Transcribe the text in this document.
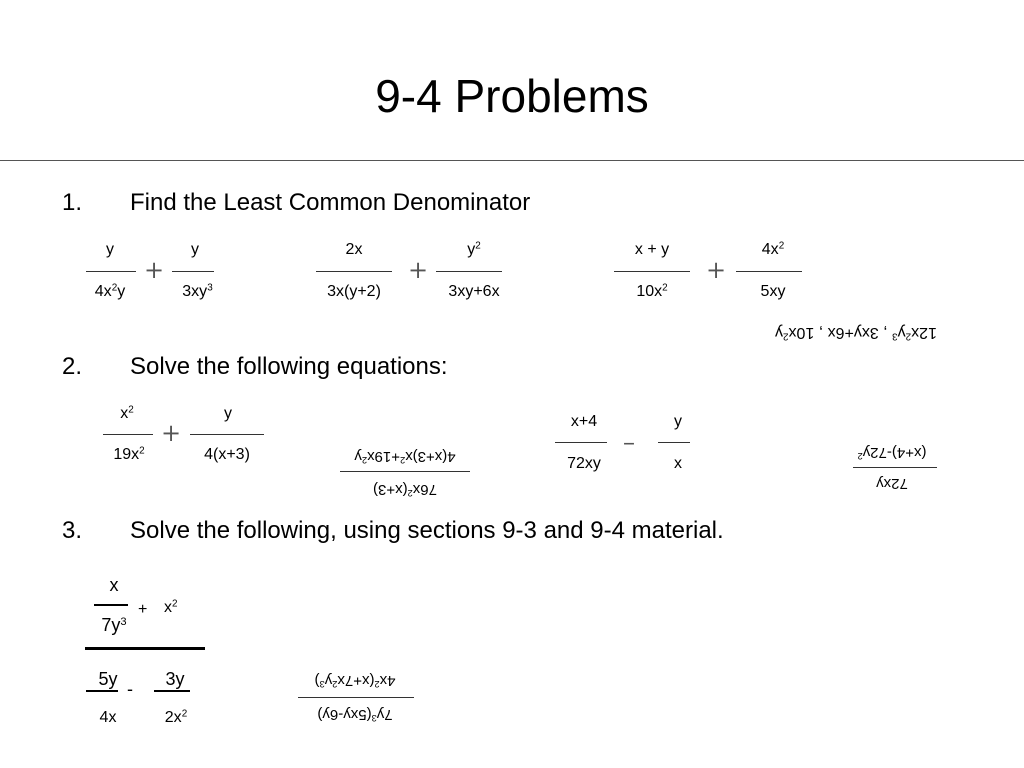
9-4 Problems
1. Find the Least Common Denominator
2. Solve the following equations:
3. Solve the following, using sections 9-3 and 9-4 material.
y
$4x^2y$
+
y
$3xy^3$
2x
3x(y+2)
+
$y^2$
3xy+6x
x + y
$10x^2$
+
$4x^2$
5xy
$12x^2y^3$ , 3xy+6x , $10x^2y$
$x^2$
$19x^2$
+
y
4(x+3)
$76x^2(x+3)$
$4(x+3)x^2+19x^2y$
x+4
72xy
–
y
x
72xy
$(x+4)-72y^2$
x
$7y^3$
+ $x^2$
5y
4x
-	3y
$2x^2$	$7y^3(5xy-6y)$
$4x^2(x+7x^2y^3)$
